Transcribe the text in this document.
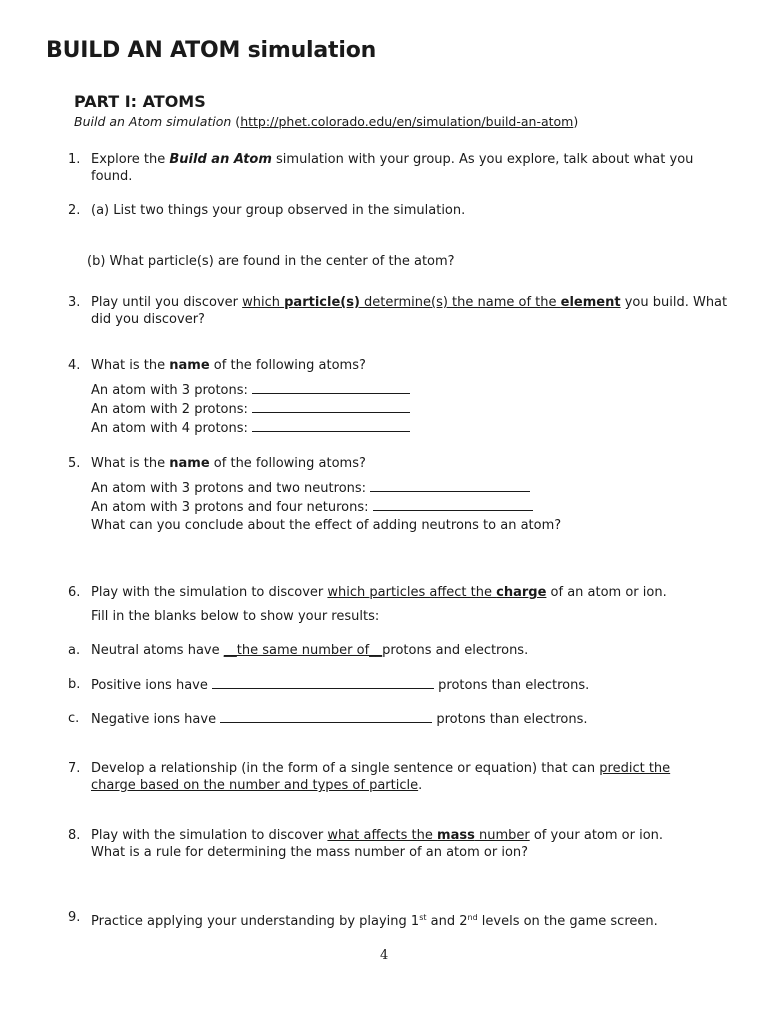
BUILD AN ATOM simulation
PART I: ATOMS
Build an Atom simulation (http://phet.colorado.edu/en/simulation/build-an-atom)
1. Explore the Build an Atom simulation with your group. As you explore, talk about what you
found.
2. (a) List two things your group observed in the simulation.
(b) What particle(s) are found in the center of the atom?
3. Play until you discover which particle(s) determine(s) the name of the element you build. What
did you discover?
4. What is the name of the following atoms?
An atom with 3 protons:
An atom with 2 protons:
An atom with 4 protons:
5. What is the name of the following atoms?
An atom with 3 protons and two neutrons:
An atom with 3 protons and four neturons:
What can you conclude about the effect of adding neutrons to an atom?
6. Play with the simulation to discover which particles affect the charge of an atom or ion.
Fill in the blanks below to show your results:
a. Neutral atoms have __the same number of__protons and electrons.
b. Positive ions have	protons than electrons.
c. Negative ions have	protons than electrons.
7. Develop a relationship (in the form of a single sentence or equation) that can predict the
charge based on the number and types of particle.
8. Play with the simulation to discover what affects the mass number of your atom or ion.
What is a rule for determining the mass number of an atom or ion?
9. Practice applying your understanding by playing 1st and 2nd levels on the game screen.
4
